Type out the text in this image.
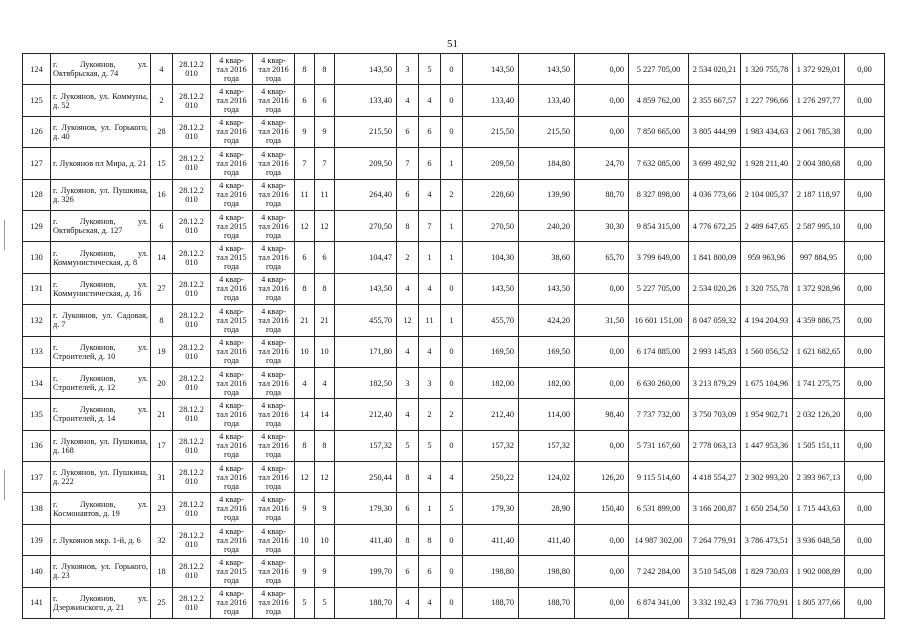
51
124	г. Лукоянов, ул. Октябрьская, д. 74	4	28.12.2 010	4 квар- тал 2016 года	4 квар- тал 2016 года	8	8	143,50	3	5	0	143,50	143,50	0,00	5 227 705,00	2 534 020,21	1 320 755,78	1 372 929,01	0,00
125	г. Лукоянов, ул. Коммуны, д. 52	2	28.12.2 010	4 квар- тал 2016 года	4 квар- тал 2016 года	6	6	133,40	4	4	0	133,40	133,40	0,00	4 859 762,00	2 355 667,57	1 227 796,66	1 276 297,77	0,00
126	г. Лукоянов, ул. Горького, д. 40	28	28.12.2 010	4 квар- тал 2016 года	4 квар- тал 2016 года	9	9	215,50	6	6	0	215,50	215,50	0,00	7 850 665,00	3 805 444,99	1 983 434,63	2 061 785,38	0,00
127	г. Лукоянов пл Мира, д. 21	15	28.12.2 010	4 квар- тал 2016 года	4 квар- тал 2016 года	7	7	209,50	7	6	1	209,50	184,80	24,70	7 632 085,00	3 699 492,92	1 928 211,40	2 004 380,68	0,00
128	г. Лукоянов, ул. Пушкина, д. 326	16	28.12.2 010	4 квар- тал 2016 года	4 квар- тал 2016 года	11	11	264,40	6	4	2	228,60	139,90	88,70	8 327 898,00	4 036 773,66	2 104 005,37	2 187 118,97	0,00
129	г. Лукоянов, ул. Октябрьская, д. 127	6	28.12.2 010	4 квар- тал 2015 года	4 квар- тал 2016 года	12	12	270,50	8	7	1	270,50	240,20	30,30	9 854 315,00	4 776 672,25	2 489 647,65	2 587 995,10	0,00
130	г. Лукоянов, ул. Коммунистическая, д. 8	14	28.12.2 010	4 квар- тал 2015 года	4 квар- тал 2016 года	6	6	104,47	2	1	1	104,30	38,60	65,70	3 799 649,00	1 841 800,09	959 963,96	997 884,95	0,00
131	г. Лукоянов, ул. Коммунистическая, д. 16	27	28.12.2 010	4 квар- тал 2016 года	4 квар- тал 2016 года	8	8	143,50	4	4	0	143,50	143,50	0,00	5 227 705,00	2 534 020,26	1 320 755,78	1 372 928,96	0,00
132	г. Лукоянов, ул. Садовая, д. 7	8	28.12.2 010	4 квар- тал 2015 года	4 квар- тал 2016 года	21	21	455,70	12	11	1	455,70	424,20	31,50	16 601 151,00	8 047 059,32	4 194 204,93	4 359 886,75	0,00
133	г. Лукоянов, ул. Строителей, д. 10	19	28.12.2 010	4 квар- тал 2016 года	4 квар- тал 2016 года	10	10	171,80	4	4	0	169,50	169,50	0,00	6 174 885,00	2 993 145,83	1 560 056,52	1 621 682,65	0,00
134	г. Лукоянов, ул. Строителей, д. 12	20	28.12.2 010	4 квар- тал 2016 года	4 квар- тал 2016 года	4	4	182,50	3	3	0	182,00	182,00	0,00	6 630 260,00	3 213 879,29	1 675 104,96	1 741 275,75	0,00
135	г. Лукоянов, ул. Строителей, д. 14	21	28.12.2 010	4 квар- тал 2016 года	4 квар- тал 2016 года	14	14	212,40	4	2	2	212,40	114,00	98,40	7 737 732,00	3 750 703,09	1 954 902,71	2 032 126,20	0,00
136	г. Лукоянов, ул. Пушкина, д. 168	17	28.12.2 010	4 квар- тал 2016 года	4 квар- тал 2016 года	8	8	157,32	5	5	0	157,32	157,32	0,00	5 731 167,60	2 778 063,13	1 447 953,36	1 505 151,11	0,00
137	г. Лукоянов, ул. Пушкина, д. 222	31	28.12.2 010	4 квар- тал 2016 года	4 квар- тал 2016 года	12	12	250,44	8	4	4	250,22	124,02	126,20	9 115 514,60	4 418 554,27	2 302 993,20	2 393 967,13	0,00
138	г. Лукоянов, ул. Космонавтов, д. 19	23	28.12.2 010	4 квар- тал 2016 года	4 квар- тал 2016 года	9	9	179,30	6	1	5	179,30	28,90	150,40	6 531 899,00	3 166 200,87	1 650 254,50	1 715 443,63	0,00
139	г. Лукоянов мкр. 1-й, д. 6	32	28.12.2 010	4 квар- тал 2016 года	4 квар- тал 2016 года	10	10	411,40	8	8	0	411,40	411,40	0,00	14 987 302,00	7 264 779,91	3 786 473,51	3 936 048,58	0,00
140	г. Лукоянов, ул. Горького, д. 23	18	28.12.2 010	4 квар- тал 2015 года	4 квар- тал 2016 года	9	9	199,70	6	6	0	198,80	198,80	0,00	7 242 284,00	3 510 545,08	1 829 730,03	1 902 008,89	0,00
141	г. Лукоянов, ул. Дзержинского, д. 21	25	28.12.2 010	4 квар- тал 2016 года	4 квар- тал 2016 года	5	5	188,70	4	4	0	188,70	188,70	0,00	6 874 341,00	3 332 192,43	1 736 770,91	1 805 377,66	0,00
